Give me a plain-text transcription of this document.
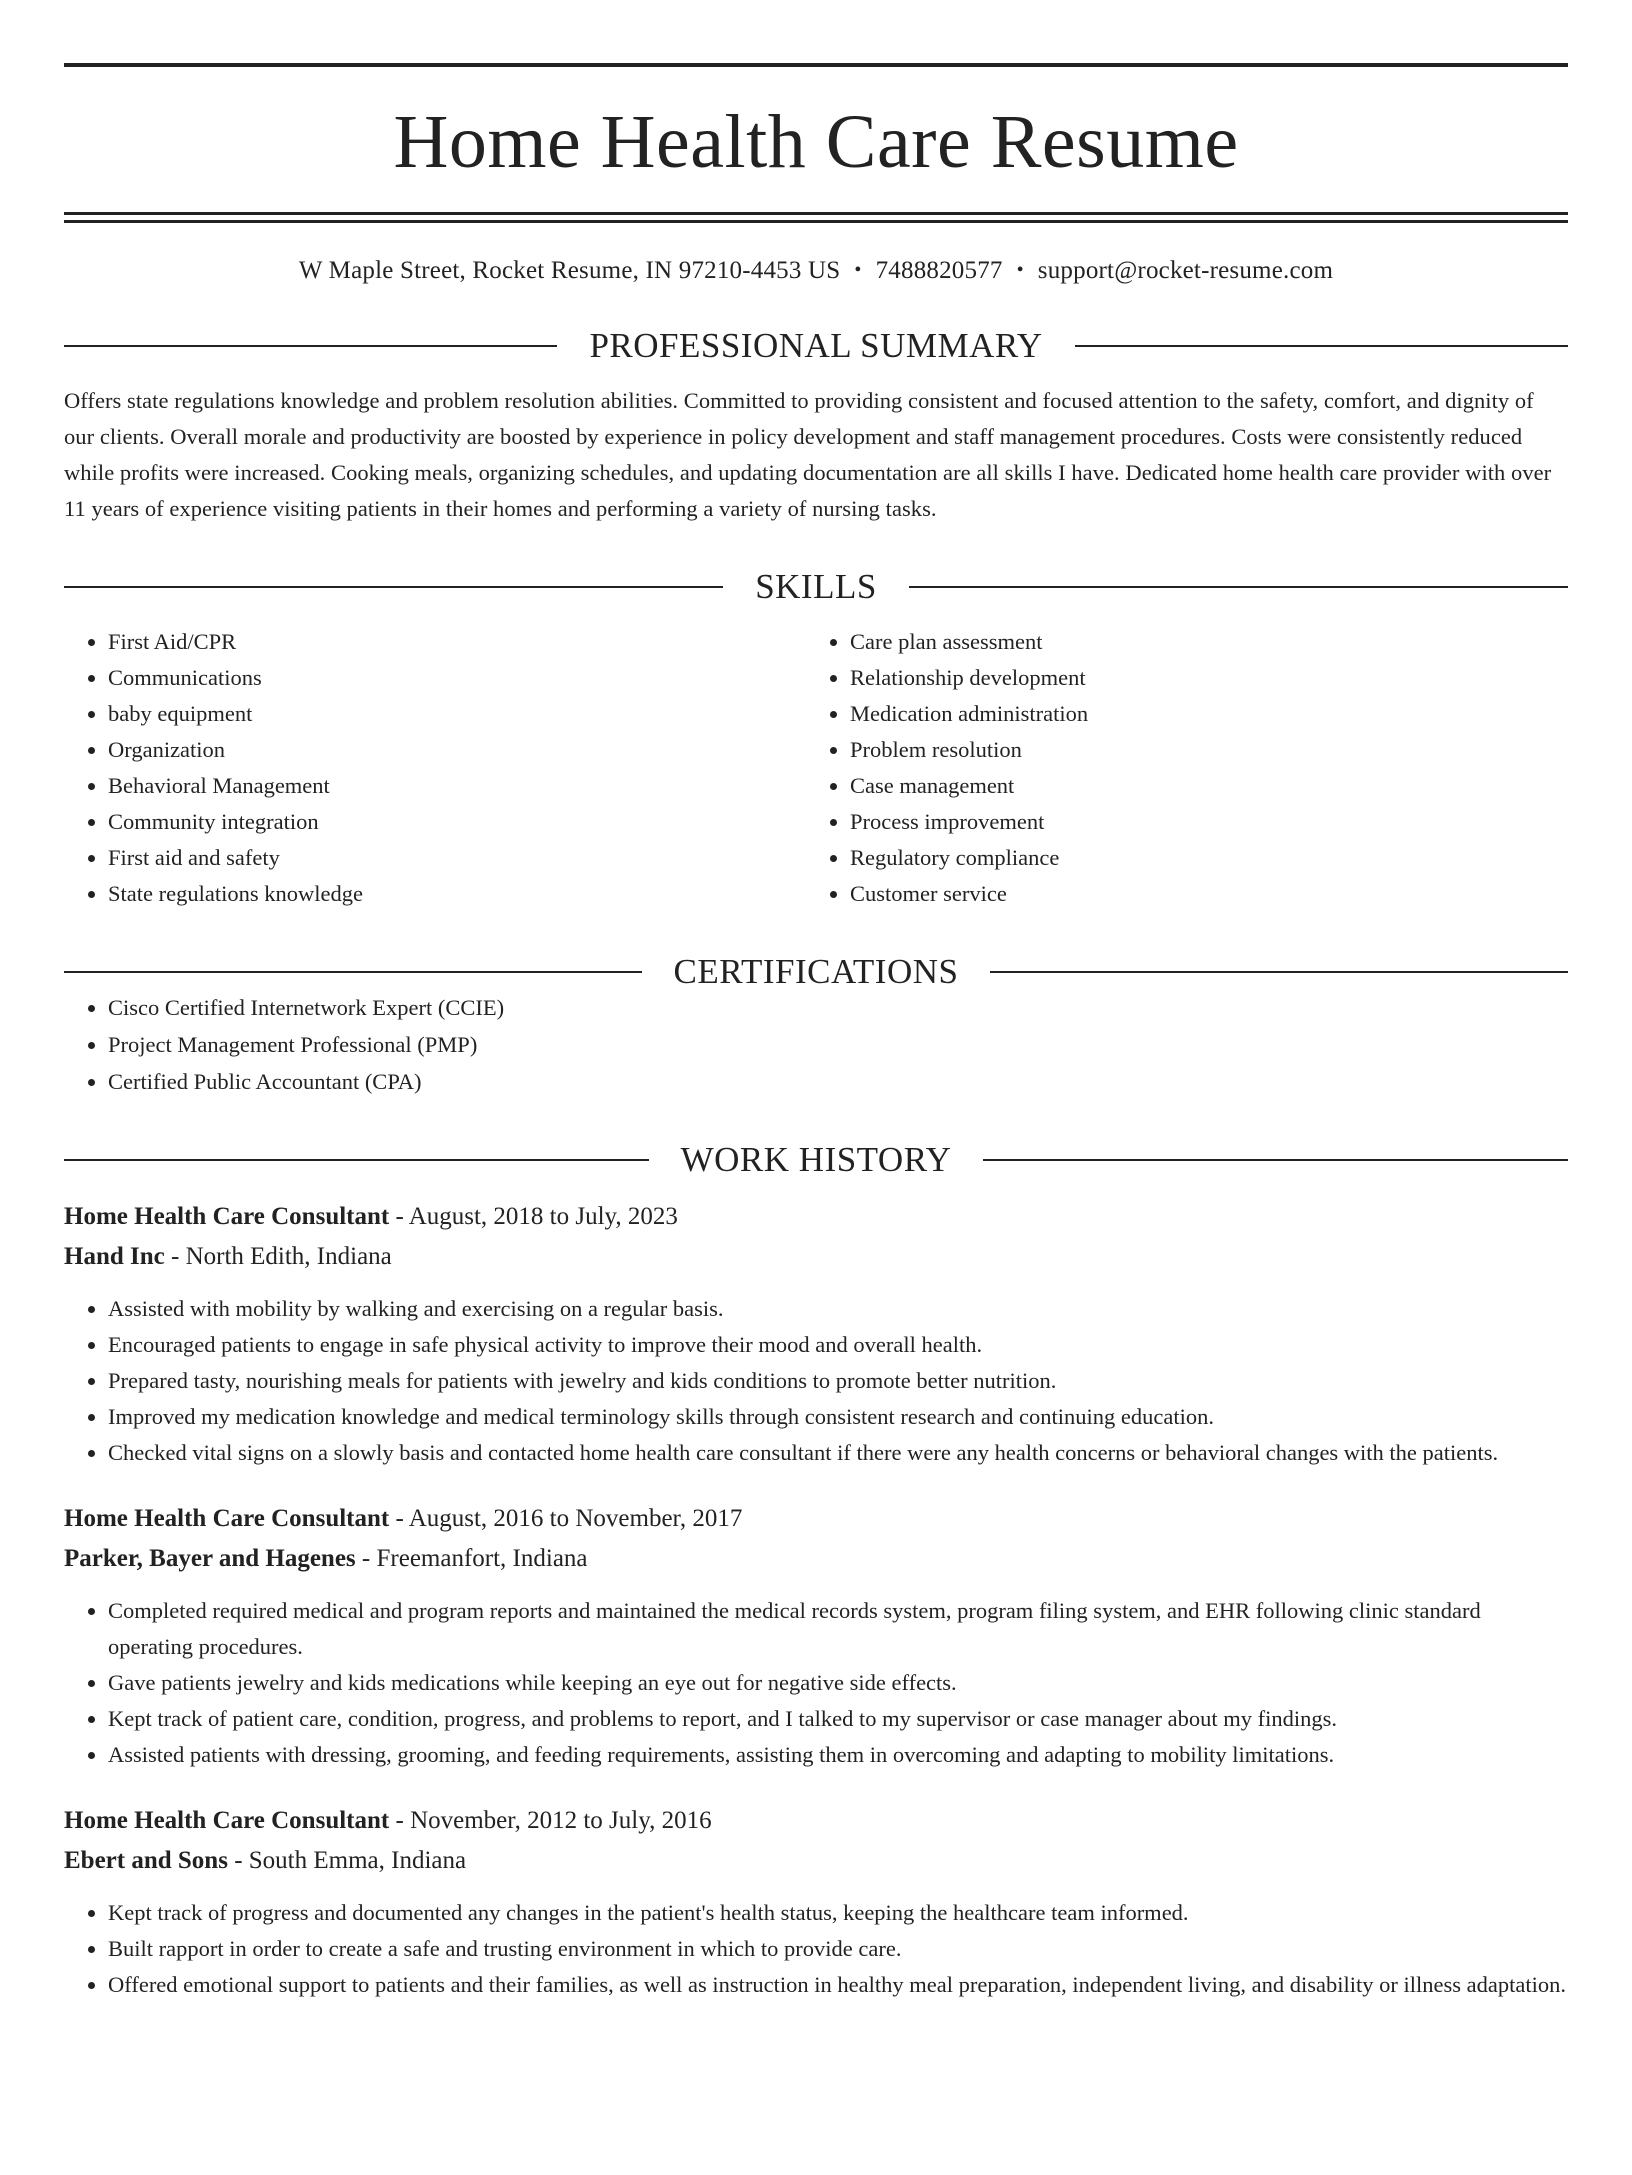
Home Health Care Resume
W Maple Street, Rocket Resume, IN 97210-4453 US • 7488820577 • support@rocket-resume.com
PROFESSIONAL SUMMARY
Offers state regulations knowledge and problem resolution abilities. Committed to providing consistent and focused attention to the safety, comfort, and dignity of our clients. Overall morale and productivity are boosted by experience in policy development and staff management procedures. Costs were consistently reduced while profits were increased. Cooking meals, organizing schedules, and updating documentation are all skills I have. Dedicated home health care provider with over 11 years of experience visiting patients in their homes and performing a variety of nursing tasks.
SKILLS
• First Aid/CPR
• Communications
• baby equipment
• Organization
• Behavioral Management
• Community integration
• First aid and safety
• State regulations knowledge
• Care plan assessment
• Relationship development
• Medication administration
• Problem resolution
• Case management
• Process improvement
• Regulatory compliance
• Customer service
CERTIFICATIONS
• Cisco Certified Internetwork Expert (CCIE)
• Project Management Professional (PMP)
• Certified Public Accountant (CPA)
WORK HISTORY
Home Health Care Consultant - August, 2018 to July, 2023
Hand Inc - North Edith, Indiana
• Assisted with mobility by walking and exercising on a regular basis.
• Encouraged patients to engage in safe physical activity to improve their mood and overall health.
• Prepared tasty, nourishing meals for patients with jewelry and kids conditions to promote better nutrition.
• Improved my medication knowledge and medical terminology skills through consistent research and continuing education.
• Checked vital signs on a slowly basis and contacted home health care consultant if there were any health concerns or behavioral changes with the patients.
Home Health Care Consultant - August, 2016 to November, 2017
Parker, Bayer and Hagenes - Freemanfort, Indiana
• Completed required medical and program reports and maintained the medical records system, program filing system, and EHR following clinic standard operating procedures.
• Gave patients jewelry and kids medications while keeping an eye out for negative side effects.
• Kept track of patient care, condition, progress, and problems to report, and I talked to my supervisor or case manager about my findings.
• Assisted patients with dressing, grooming, and feeding requirements, assisting them in overcoming and adapting to mobility limitations.
Home Health Care Consultant - November, 2012 to July, 2016
Ebert and Sons - South Emma, Indiana
• Kept track of progress and documented any changes in the patient's health status, keeping the healthcare team informed.
• Built rapport in order to create a safe and trusting environment in which to provide care.
• Offered emotional support to patients and their families, as well as instruction in healthy meal preparation, independent living, and disability or illness adaptation.
